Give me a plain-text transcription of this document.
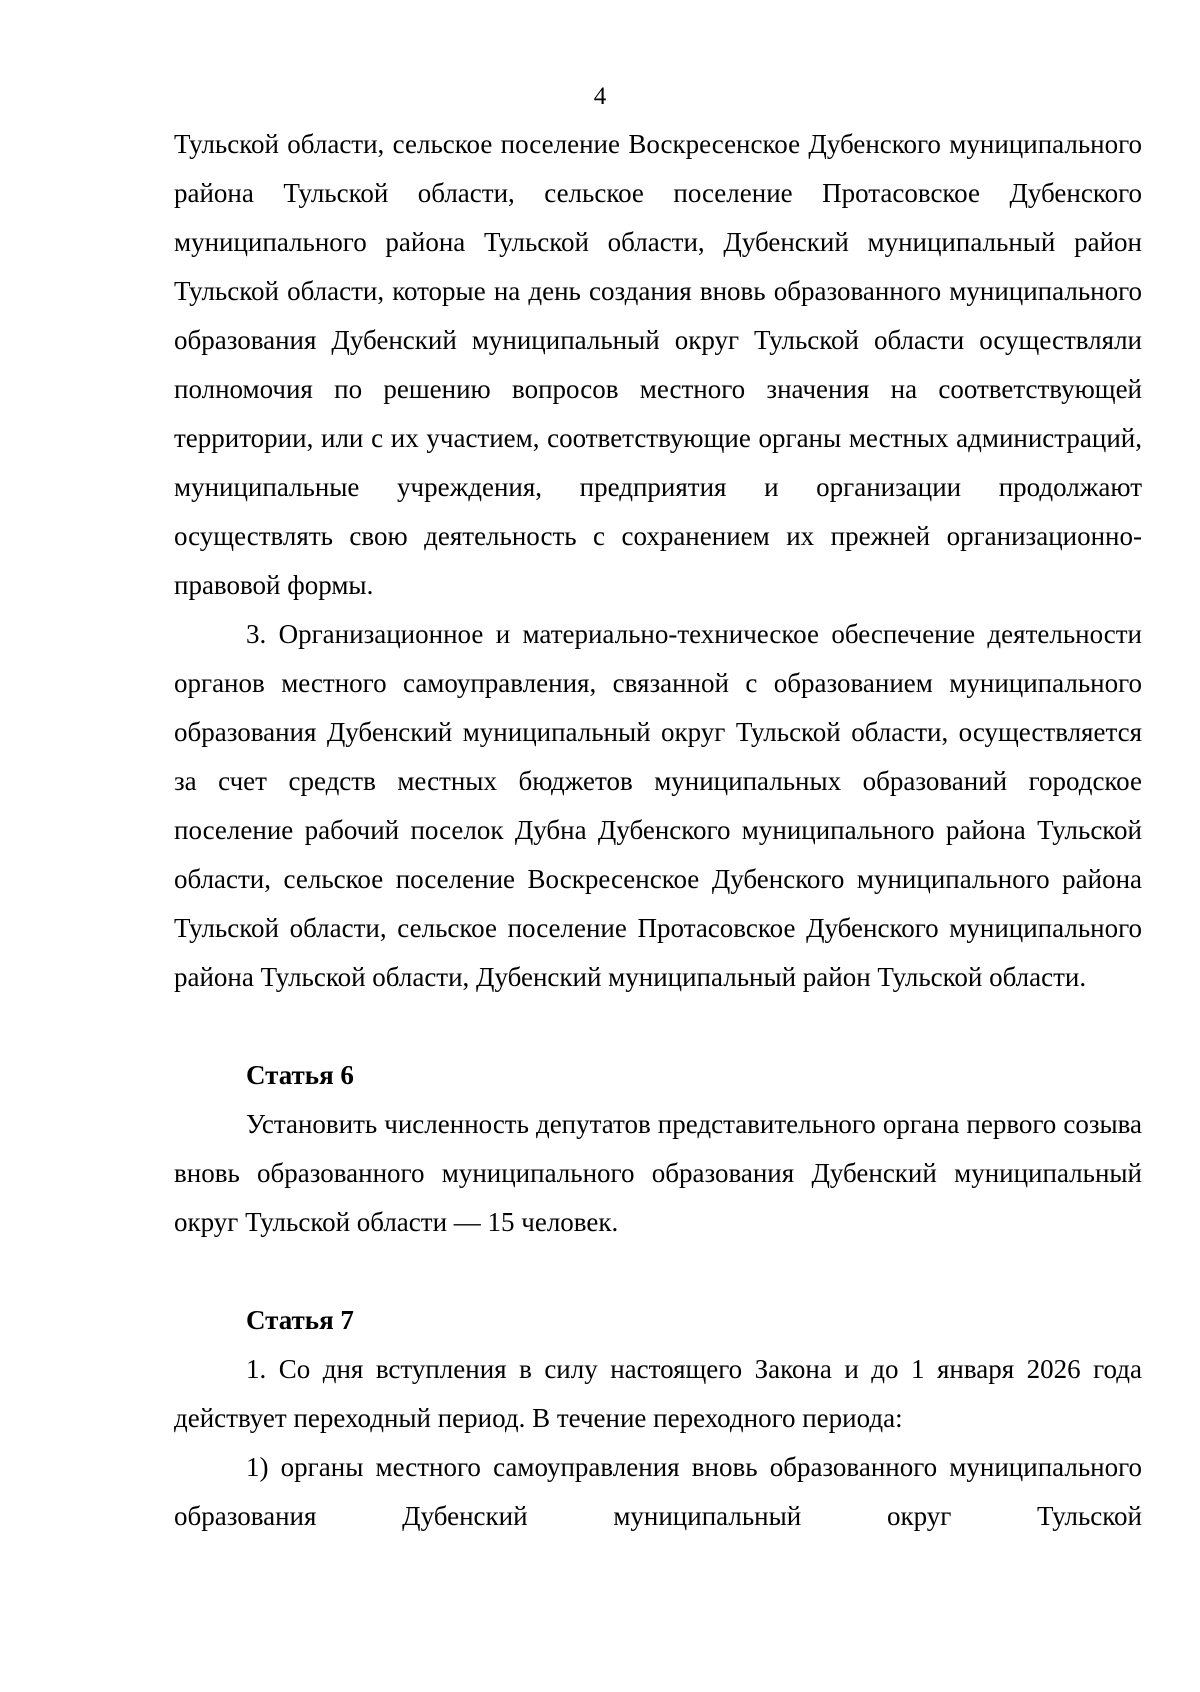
4

Тульской области, сельское поселение Воскресенское Дубенского муниципального района Тульской области, сельское поселение Протасовское Дубенского муниципального района Тульской области, Дубенский муниципальный район Тульской области, которые на день создания вновь образованного муниципального образования Дубенский муниципальный округ Тульской области осуществляли полномочия по решению вопросов местного значения на соответствующей территории, или с их участием, соответствующие органы местных администраций, муниципальные учреждения, предприятия и организации продолжают осуществлять свою деятельность с сохранением их прежней организационно-правовой формы.

3. Организационное и материально-техническое обеспечение деятельности органов местного самоуправления, связанной с образованием муниципального образования Дубенский муниципальный округ Тульской области, осуществляется за счет средств местных бюджетов муниципальных образований городское поселение рабочий поселок Дубна Дубенского муниципального района Тульской области, сельское поселение Воскресенское Дубенского муниципального района Тульской области, сельское поселение Протасовское Дубенского муниципального района Тульской области, Дубенский муниципальный район Тульской области.

Статья 6

Установить численность депутатов представительного органа первого созыва вновь образованного муниципального образования Дубенский муниципальный округ Тульской области — 15 человек.

Статья 7

1. Со дня вступления в силу настоящего Закона и до 1 января 2026 года действует переходный период. В течение переходного периода:

1) органы местного самоуправления вновь образованного муниципального образования Дубенский муниципальный округ Тульской
